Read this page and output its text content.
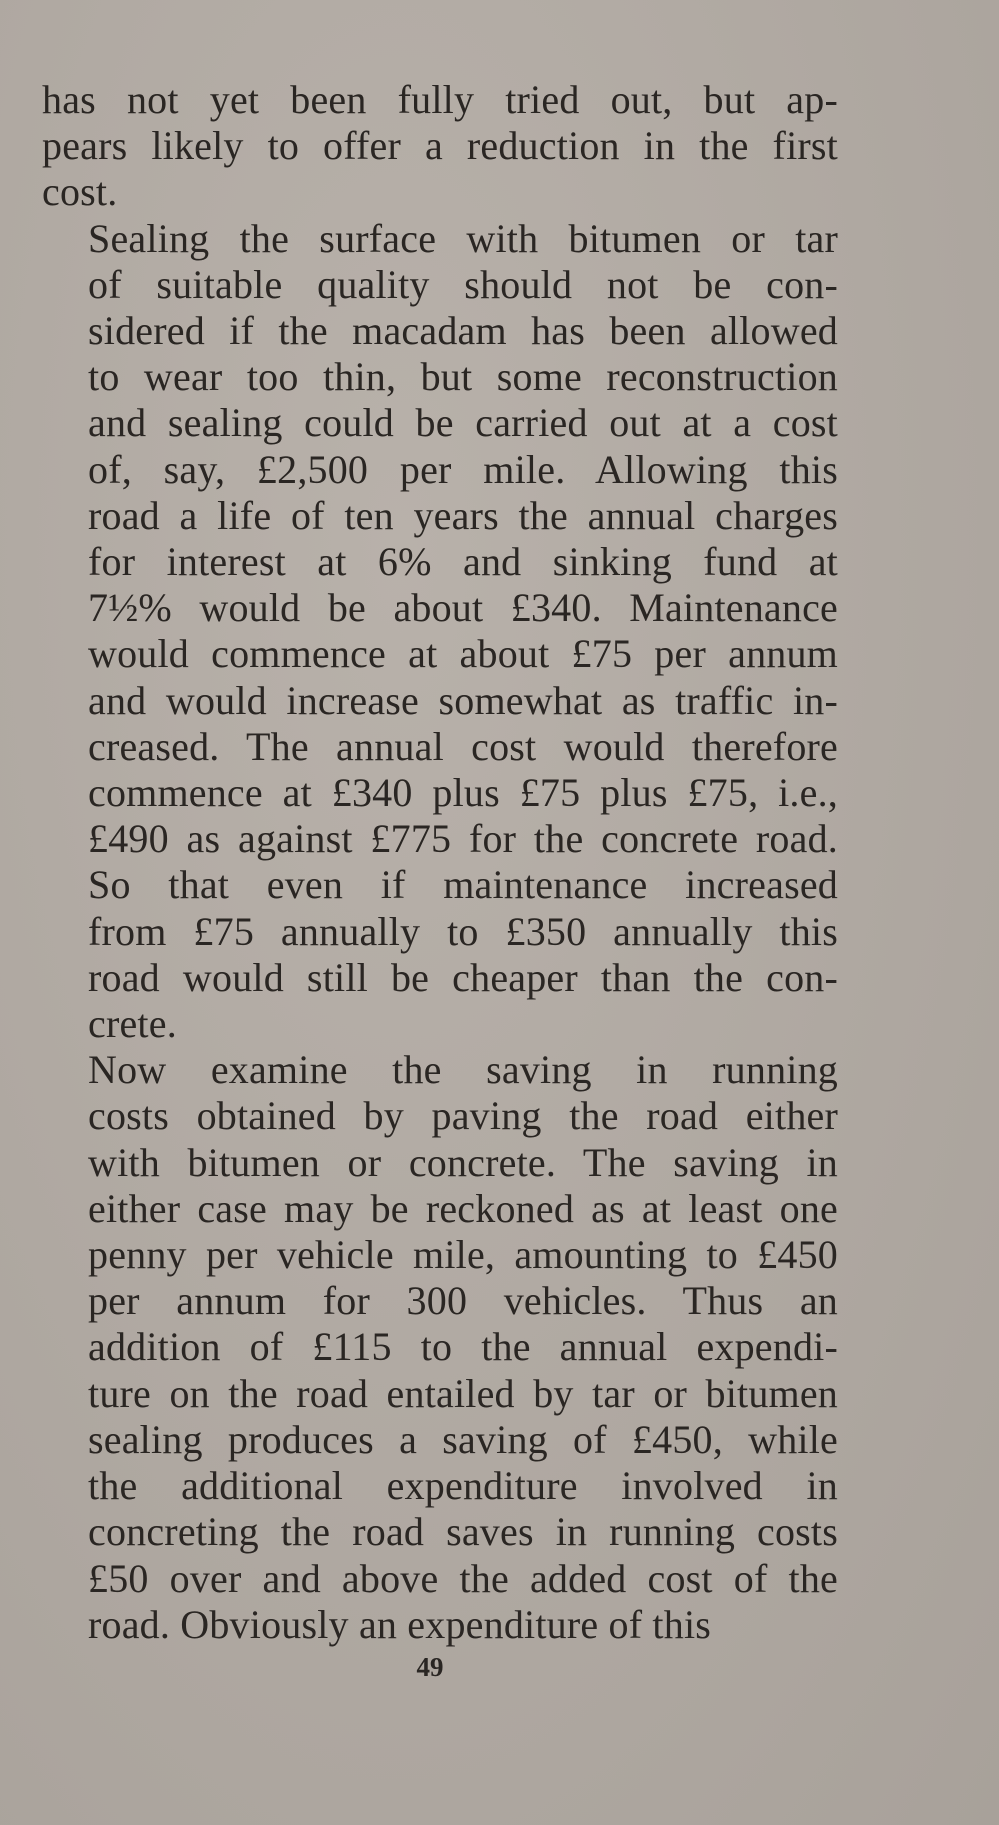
has not yet been fully tried out, but ap-
pears likely to offer a reduction in the first
cost.

Sealing the surface with bitumen or tar
of suitable quality should not be con-
sidered if the macadam has been allowed
to wear too thin, but some reconstruction
and sealing could be carried out at a cost
of, say, £2,500 per mile. Allowing this
road a life of ten years the annual charges
for interest at 6% and sinking fund at
7½% would be about £340. Maintenance
would commence at about £75 per annum
and would increase somewhat as traffic in-
creased. The annual cost would therefore
commence at £340 plus £75 plus £75, i.e.,
£490 as against £775 for the concrete road.
So that even if maintenance increased
from £75 annually to £350 annually this
road would still be cheaper than the con-
crete.

Now examine the saving in running
costs obtained by paving the road either
with bitumen or concrete. The saving in
either case may be reckoned as at least one
penny per vehicle mile, amounting to £450
per annum for 300 vehicles. Thus an
addition of £115 to the annual expendi-
ture on the road entailed by tar or bitumen
sealing produces a saving of £450, while
the additional expenditure involved in
concreting the road saves in running costs
£50 over and above the added cost of the
road. Obviously an expenditure of this

49
